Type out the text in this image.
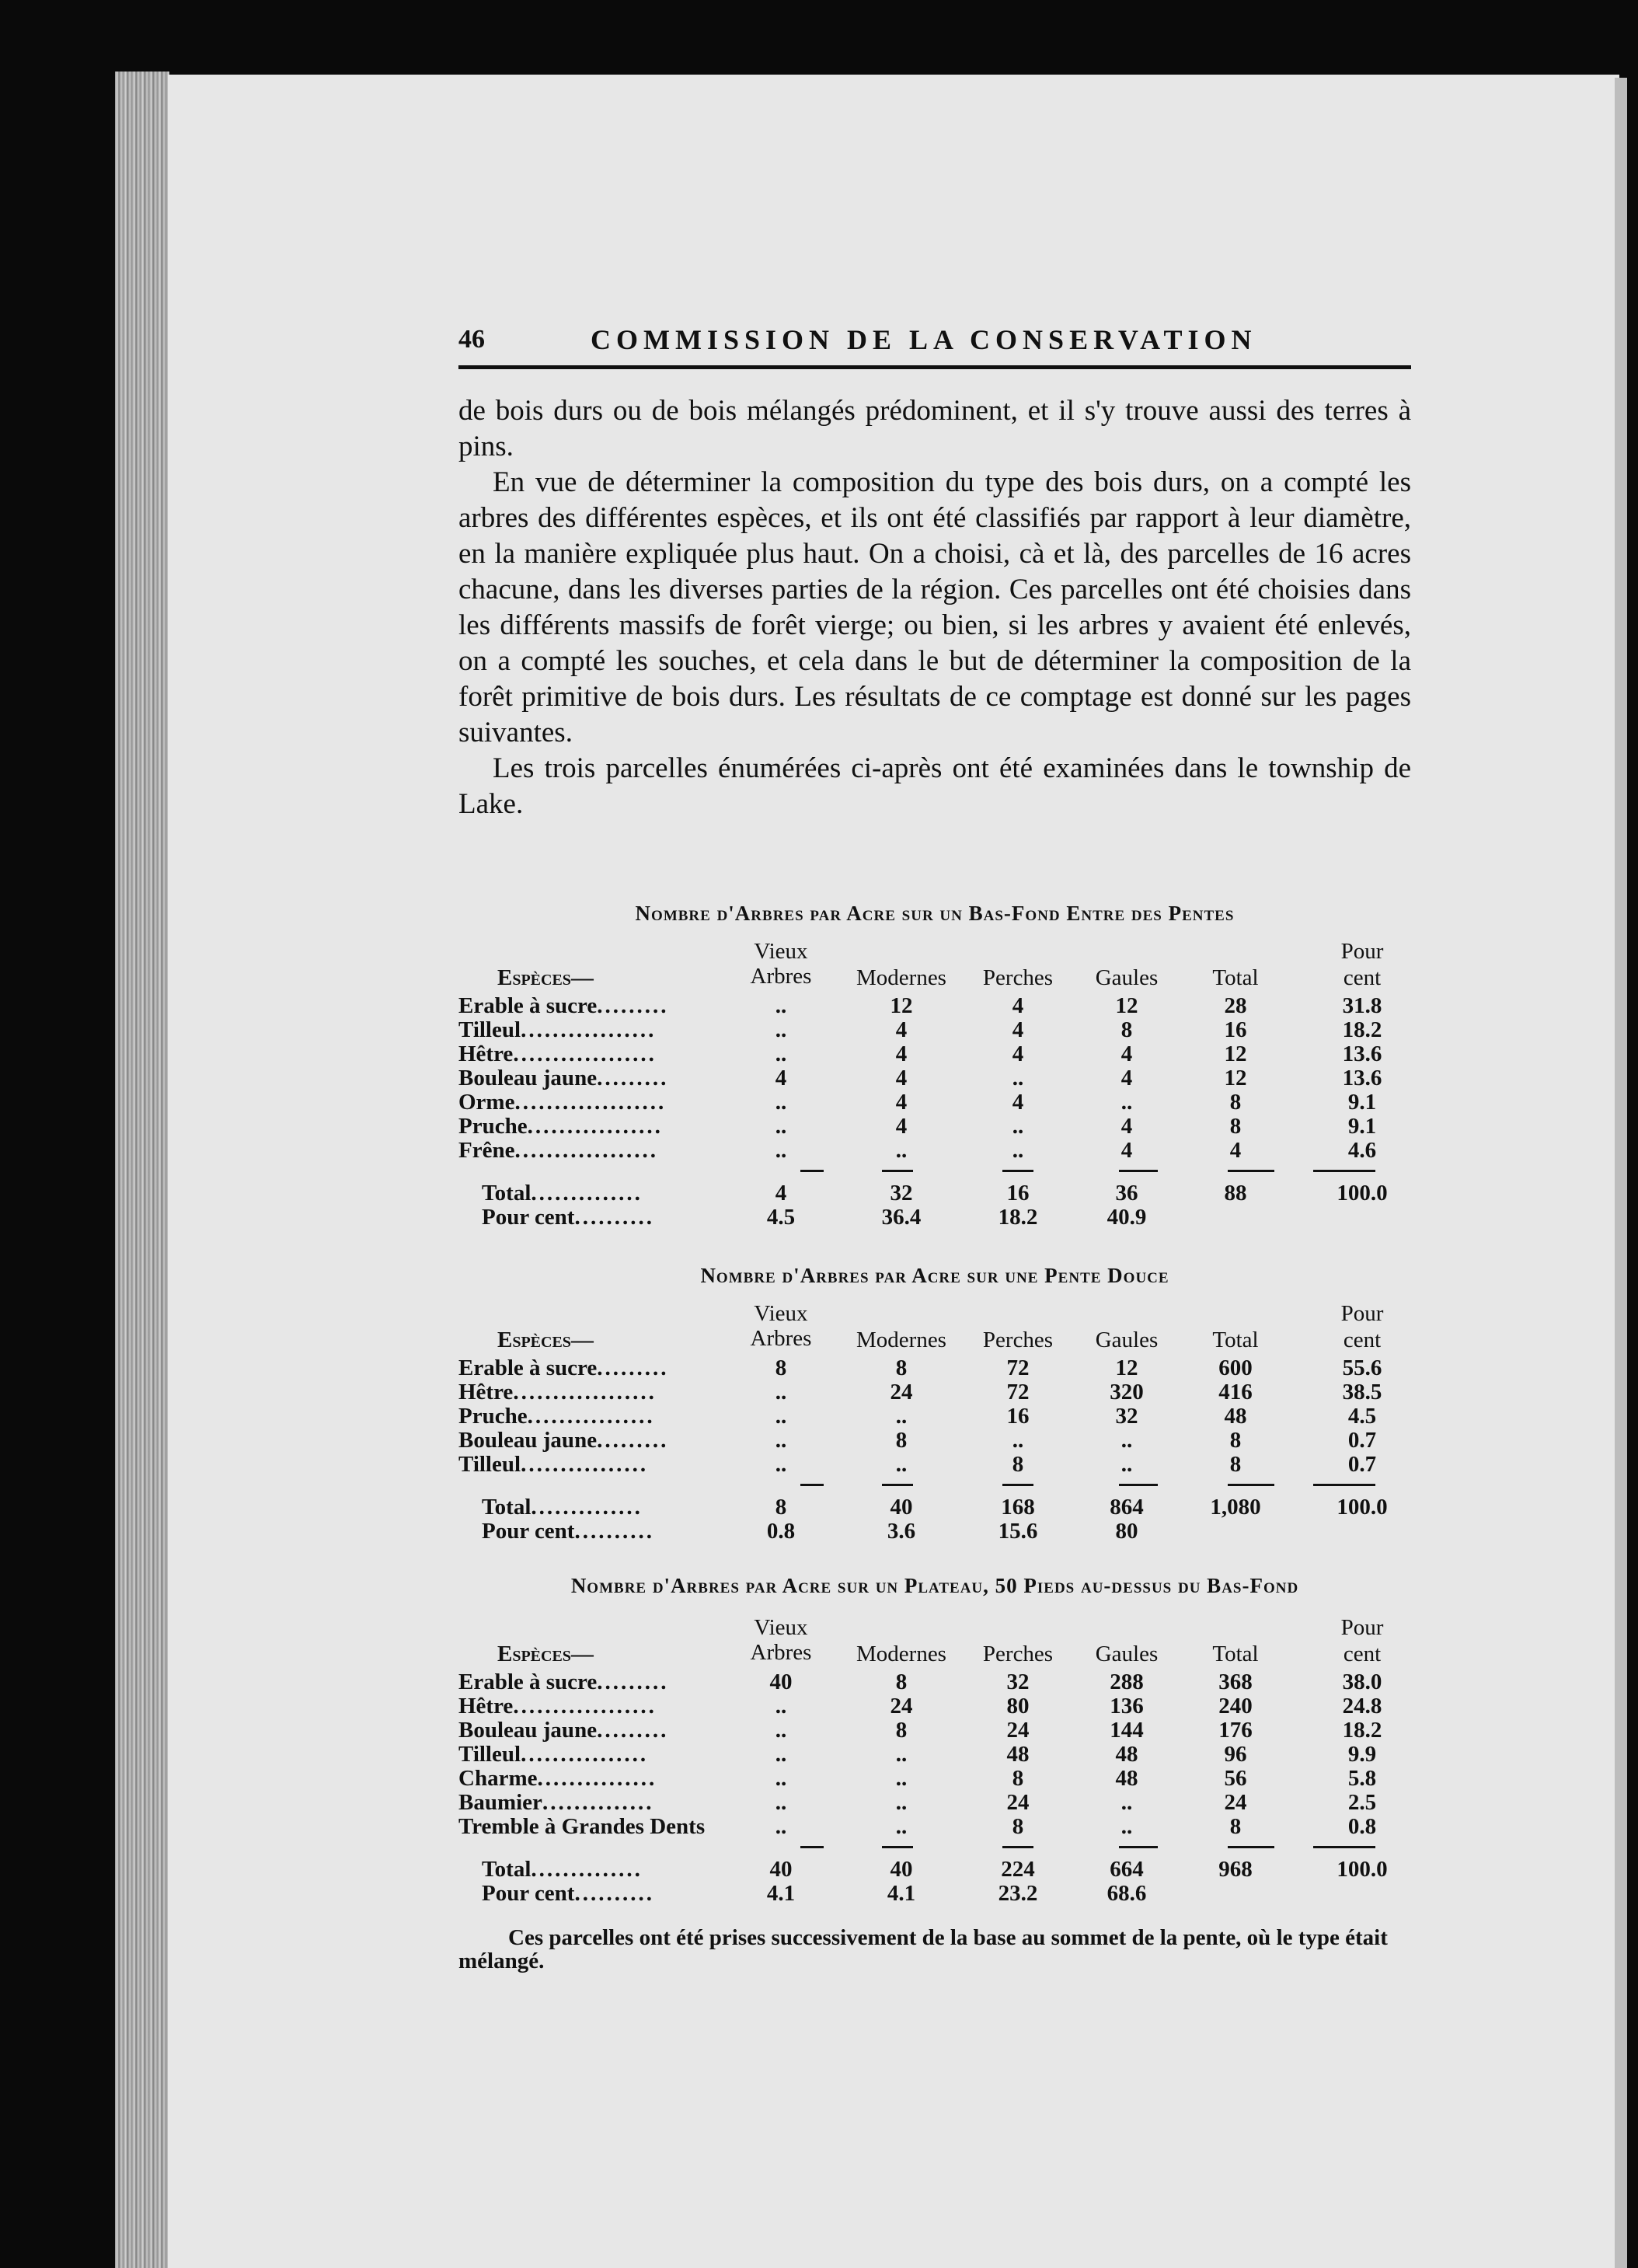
46	COMMISSION DE LA CONSERVATION

de bois durs ou de bois mélangés prédominent, et il s'y trouve aussi des terres à pins.

En vue de déterminer la composition du type des bois durs, on a compté les arbres des différentes espèces, et ils ont été classifiés par rapport à leur diamètre, en la manière expliquée plus haut. On a choisi, cà et là, des parcelles de 16 acres chacune, dans les diverses parties de la région. Ces parcelles ont été choisies dans les différents massifs de forêt vierge; ou bien, si les arbres y avaient été enlevés, on a compté les souches, et cela dans le but de déterminer la composition de la forêt primitive de bois durs. Les résultats de ce comptage est donné sur les pages suivantes.

Les trois parcelles énumérées ci-après ont été examinées dans le township de Lake.

Nombre d'Arbres par Acre sur un Bas-Fond Entre des Pentes
Espèces—
Vieux
Arbres	Modernes	Perches	Gaules	Total
Pour
cent
Erable à sucre.........	..	12	4	12	28	31.8
Tilleul.................	..	4	4	8	16	18.2
Hêtre..................	..	4	4	4	12	13.6
Bouleau jaune.........	4	4	..	4	12	13.6
Orme...................	..	4	4	..	8	9.1
Pruche.................	..	4	..	4	8	9.1
Frêne..................	..	..	..	4	4	4.6
Total..............	4	32	16	36	88	100.0
Pour cent..........	4.5	36.4	18.2	40.9
Nombre d'Arbres par Acre sur une Pente Douce
Espèces—
Vieux
Arbres	Modernes	Perches	Gaules	Total
Pour
cent
Erable à sucre.........	8	8	72	12	600	55.6
Hêtre..................	..	24	72	320	416	38.5
Pruche................	..	..	16	32	48	4.5
Bouleau jaune.........	..	8	..	..	8	0.7
Tilleul................	..	..	8	..	8	0.7
Total..............	8	40	168	864	1,080	100.0
Pour cent..........	0.8	3.6	15.6	80
Nombre d'Arbres par Acre sur un Plateau, 50 Pieds au-dessus du Bas-Fond
Espèces—
Vieux
Arbres	Modernes	Perches	Gaules	Total
Pour
cent
Erable à sucre.........	40	8	32	288	368	38.0
Hêtre..................	..	24	80	136	240	24.8
Bouleau jaune.........	..	8	24	144	176	18.2
Tilleul................	..	..	48	48	96	9.9
Charme...............	..	..	8	48	56	5.8
Baumier..............	..	..	24	..	24	2.5
Tremble à Grandes Dents	..	..	8	..	8	0.8
Total..............	40	40	224	664	968	100.0
Pour cent..........	4.1	4.1	23.2	68.6
Ces parcelles ont été prises successivement de la base au sommet de la pente, où le type était mélangé.
